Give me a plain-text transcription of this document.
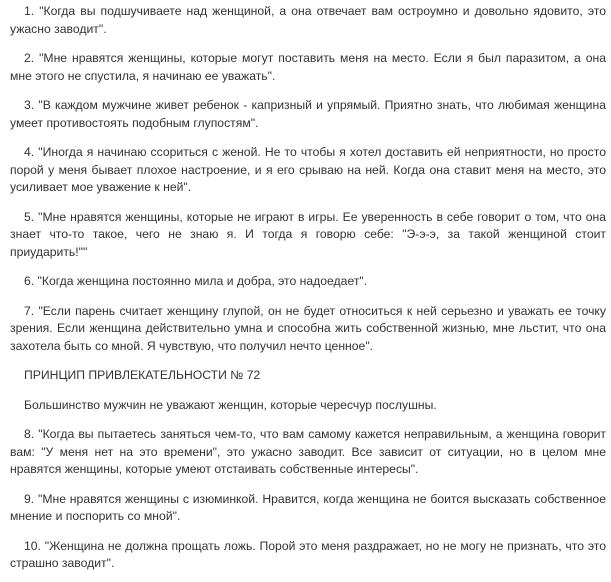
1. "Когда вы подшучиваете над женщиной, а она отвечает вам остроумно и довольно ядовито, это ужасно заводит".

2. "Мне нравятся женщины, которые могут поставить меня на место. Если я был паразитом, а она мне этого не спустила, я начинаю ее уважать".

3. "В каждом мужчине живет ребенок - капризный и упрямый. Приятно знать, что любимая женщина умеет противостоять подобным глупостям".

4. "Иногда я начинаю ссориться с женой. Не то чтобы я хотел доставить ей неприятности, но просто порой у меня бывает плохое настроение, и я его срываю на ней. Когда она ставит меня на место, это усиливает мое уважение к ней".

5. "Мне нравятся женщины, которые не играют в игры. Ее уверенность в себе говорит о том, что она знает что-то такое, чего не знаю я. И тогда я говорю себе: "Э-э-э, за такой женщиной стоит приударить!""

6. "Когда женщина постоянно мила и добра, это надоедает".

7. "Если парень считает женщину глупой, он не будет относиться к ней серьезно и уважать ее точку зрения. Если женщина действительно умна и способна жить собственной жизнью, мне льстит, что она захотела быть со мной. Я чувствую, что получил нечто ценное".

ПРИНЦИП ПРИВЛЕКАТЕЛЬНОСТИ № 72

Большинство мужчин не уважают женщин, которые чересчур послушны.

8. "Когда вы пытаетесь заняться чем-то, что вам самому кажется неправильным, а женщина говорит вам: "У меня нет на это времени", это ужасно заводит. Все зависит от ситуации, но в целом мне нравятся женщины, которые умеют отстаивать собственные интересы".

9. "Мне нравятся женщины с изюминкой. Нравится, когда женщина не боится высказать собственное мнение и поспорить со мной".

10. "Женщина не должна прощать ложь. Порой это меня раздражает, но не могу не признать, что это страшно заводит".
